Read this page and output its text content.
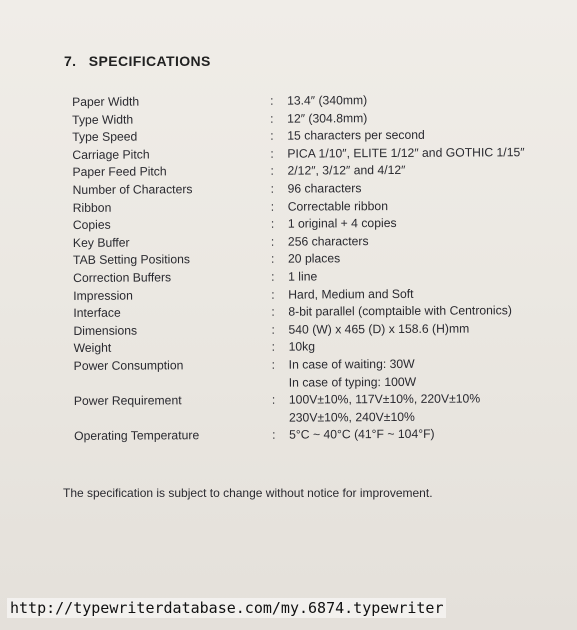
7. SPECIFICATIONS
Paper Width	:	13.4″ (340mm)
Type Width	:	12″ (304.8mm)
Type Speed	:	15 characters per second
Carriage Pitch	:	PICA 1/10″, ELITE 1/12″ and GOTHIC 1/15″
Paper Feed Pitch	:	2/12″, 3/12″ and 4/12″
Number of Characters	:	96 characters
Ribbon	:	Correctable ribbon
Copies	:	1 original + 4 copies
Key Buffer	:	256 characters
TAB Setting Positions	:	20 places
Correction Buffers	:	1 line
Impression	:	Hard, Medium and Soft
Interface	:	8-bit parallel (comptaible with Centronics)
Dimensions	:	540 (W) x 465 (D) x 158.6 (H)mm
Weight	:	10kg
Power Consumption	:	In case of waiting: 30W
In case of typing: 100W
Power Requirement	:	100V±10%, 117V±10%, 220V±10%
230V±10%, 240V±10%
Operating Temperature	:	5°C ~ 40°C (41°F ~ 104°F)
The specification is subject to change without notice for improvement.
http://typewriterdatabase.com/my.6874.typewriter
